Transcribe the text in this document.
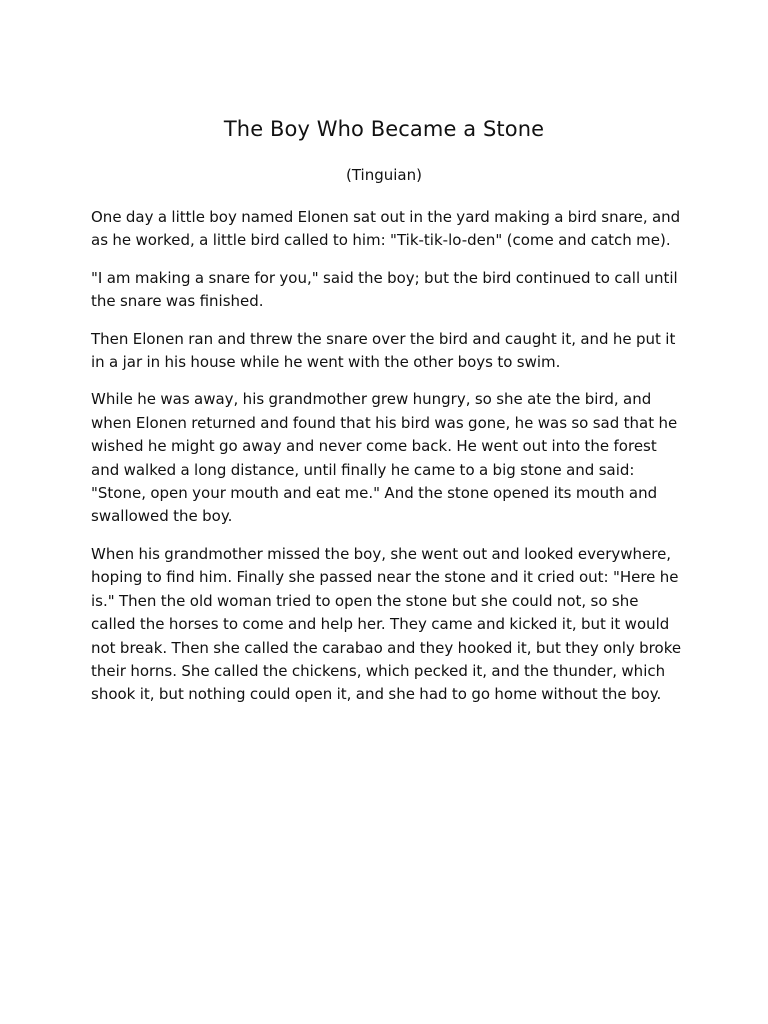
The Boy Who Became a Stone
(Tinguian)

One day a little boy named Elonen sat out in the yard making a bird snare, and as he worked, a little bird called to him: "Tik-tik-lo-den" (come and catch me).

"I am making a snare for you," said the boy; but the bird continued to call until the snare was finished.

Then Elonen ran and threw the snare over the bird and caught it, and he put it in a jar in his house while he went with the other boys to swim.

While he was away, his grandmother grew hungry, so she ate the bird, and when Elonen returned and found that his bird was gone, he was so sad that he wished he might go away and never come back. He went out into the forest and walked a long distance, until finally he came to a big stone and said: "Stone, open your mouth and eat me." And the stone opened its mouth and swallowed the boy.

When his grandmother missed the boy, she went out and looked everywhere, hoping to find him. Finally she passed near the stone and it cried out: "Here he is." Then the old woman tried to open the stone but she could not, so she called the horses to come and help her. They came and kicked it, but it would not break. Then she called the carabao and they hooked it, but they only broke their horns. She called the chickens, which pecked it, and the thunder, which shook it, but nothing could open it, and she had to go home without the boy.
